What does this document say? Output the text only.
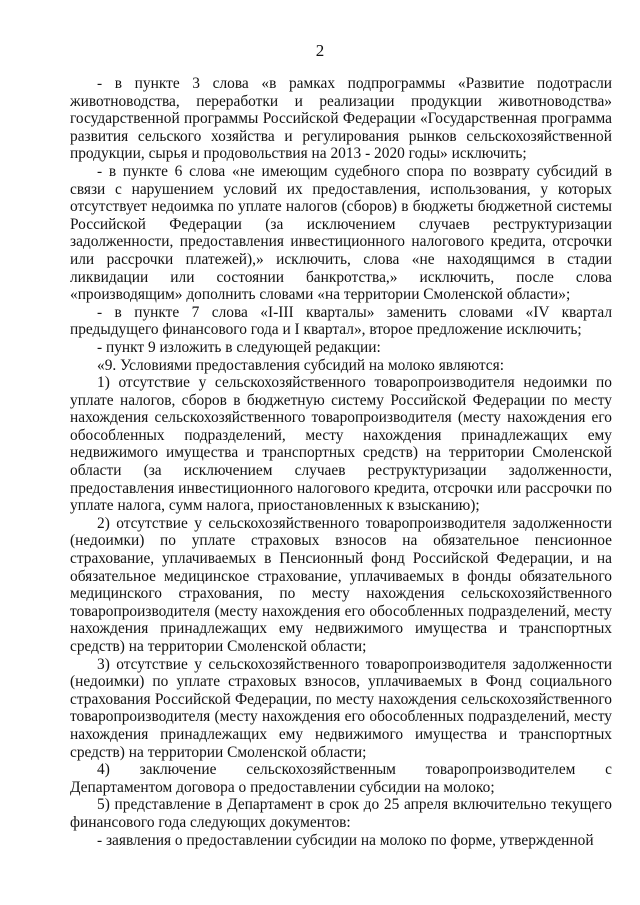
2

- в пункте 3 слова «в рамках подпрограммы «Развитие подотрасли животноводства, переработки и реализации продукции животноводства» государственной программы Российской Федерации «Государственная программа развития сельского хозяйства и регулирования рынков сельскохозяйственной продукции, сырья и продовольствия на 2013 - 2020 годы» исключить;

- в пункте 6 слова «не имеющим судебного спора по возврату субсидий в связи с нарушением условий их предоставления, использования, у которых отсутствует недоимка по уплате налогов (сборов) в бюджеты бюджетной системы Российской Федерации (за исключением случаев реструктуризации задолженности, предоставления инвестиционного налогового кредита, отсрочки или рассрочки платежей),» исключить, слова «не находящимся в стадии ликвидации или состоянии банкротства,» исключить, после слова «производящим» дополнить словами «на территории Смоленской области»;

- в пункте 7 слова «I-III кварталы» заменить словами «IV квартал предыдущего финансового года и I квартал», второе предложение исключить;

- пункт 9 изложить в следующей редакции:

«9. Условиями предоставления субсидий на молоко являются:

1) отсутствие у сельскохозяйственного товаропроизводителя недоимки по уплате налогов, сборов в бюджетную систему Российской Федерации по месту нахождения сельскохозяйственного товаропроизводителя (месту нахождения его обособленных подразделений, месту нахождения принадлежащих ему недвижимого имущества и транспортных средств) на территории Смоленской области (за исключением случаев реструктуризации задолженности, предоставления инвестиционного налогового кредита, отсрочки или рассрочки по уплате налога, сумм налога, приостановленных к взысканию);

2) отсутствие у сельскохозяйственного товаропроизводителя задолженности (недоимки) по уплате страховых взносов на обязательное пенсионное страхование, уплачиваемых в Пенсионный фонд Российской Федерации, и на обязательное медицинское страхование, уплачиваемых в фонды обязательного медицинского страхования, по месту нахождения сельскохозяйственного товаропроизводителя (месту нахождения его обособленных подразделений, месту нахождения принадлежащих ему недвижимого имущества и транспортных средств) на территории Смоленской области;

3) отсутствие у сельскохозяйственного товаропроизводителя задолженности (недоимки) по уплате страховых взносов, уплачиваемых в Фонд социального страхования Российской Федерации, по месту нахождения сельскохозяйственного товаропроизводителя (месту нахождения его обособленных подразделений, месту нахождения принадлежащих ему недвижимого имущества и транспортных средств) на территории Смоленской области;

4) заключение сельскохозяйственным товаропроизводителем с Департаментом договора о предоставлении субсидии на молоко;

5) представление в Департамент в срок до 25 апреля включительно текущего финансового года следующих документов:

- заявления о предоставлении субсидии на молоко по форме, утвержденной
